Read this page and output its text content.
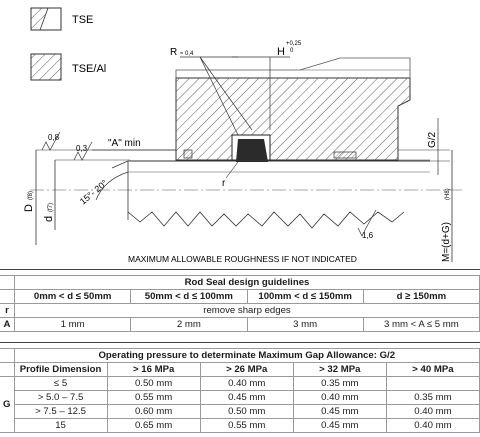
TSE
TSE/Al
D
(f8)
d
(f7)
0,8
0,3
1,6
"A" min
15°- 20°
R ≈ 0,4	H
+0,25
0
r
G/2
M=(d+G)
(H8)
MAXIMUM ALLOWABLE ROUGHNESS IF NOT INDICATED
	Rod Seal design guidelines			
	0mm < d ≤ 50mm	50mm < d ≤ 100mm	100mm < d ≤ 150mm	d ≥ 150mm
r	remove sharp edges			
A	1 mm	2 mm	3 mm	3 mm < A ≤ 5 mm
	Operating pressure to determinate Maximum Gap Allowance: G/2				
	Profile Dimension	> 16 MPa	> 26 MPa	> 32 MPa	> 40 MPa
G	≤ 5	0.50 mm	0.40 mm	0.35 mm	
	> 5.0 – 7.5	0.55 mm	0.45 mm	0.40 mm	0.35 mm
	> 7.5 – 12.5	0.60 mm	0.50 mm	0.45 mm	0.40 mm
	15	0.65 mm	0.55 mm	0.45 mm	0.40 mm
